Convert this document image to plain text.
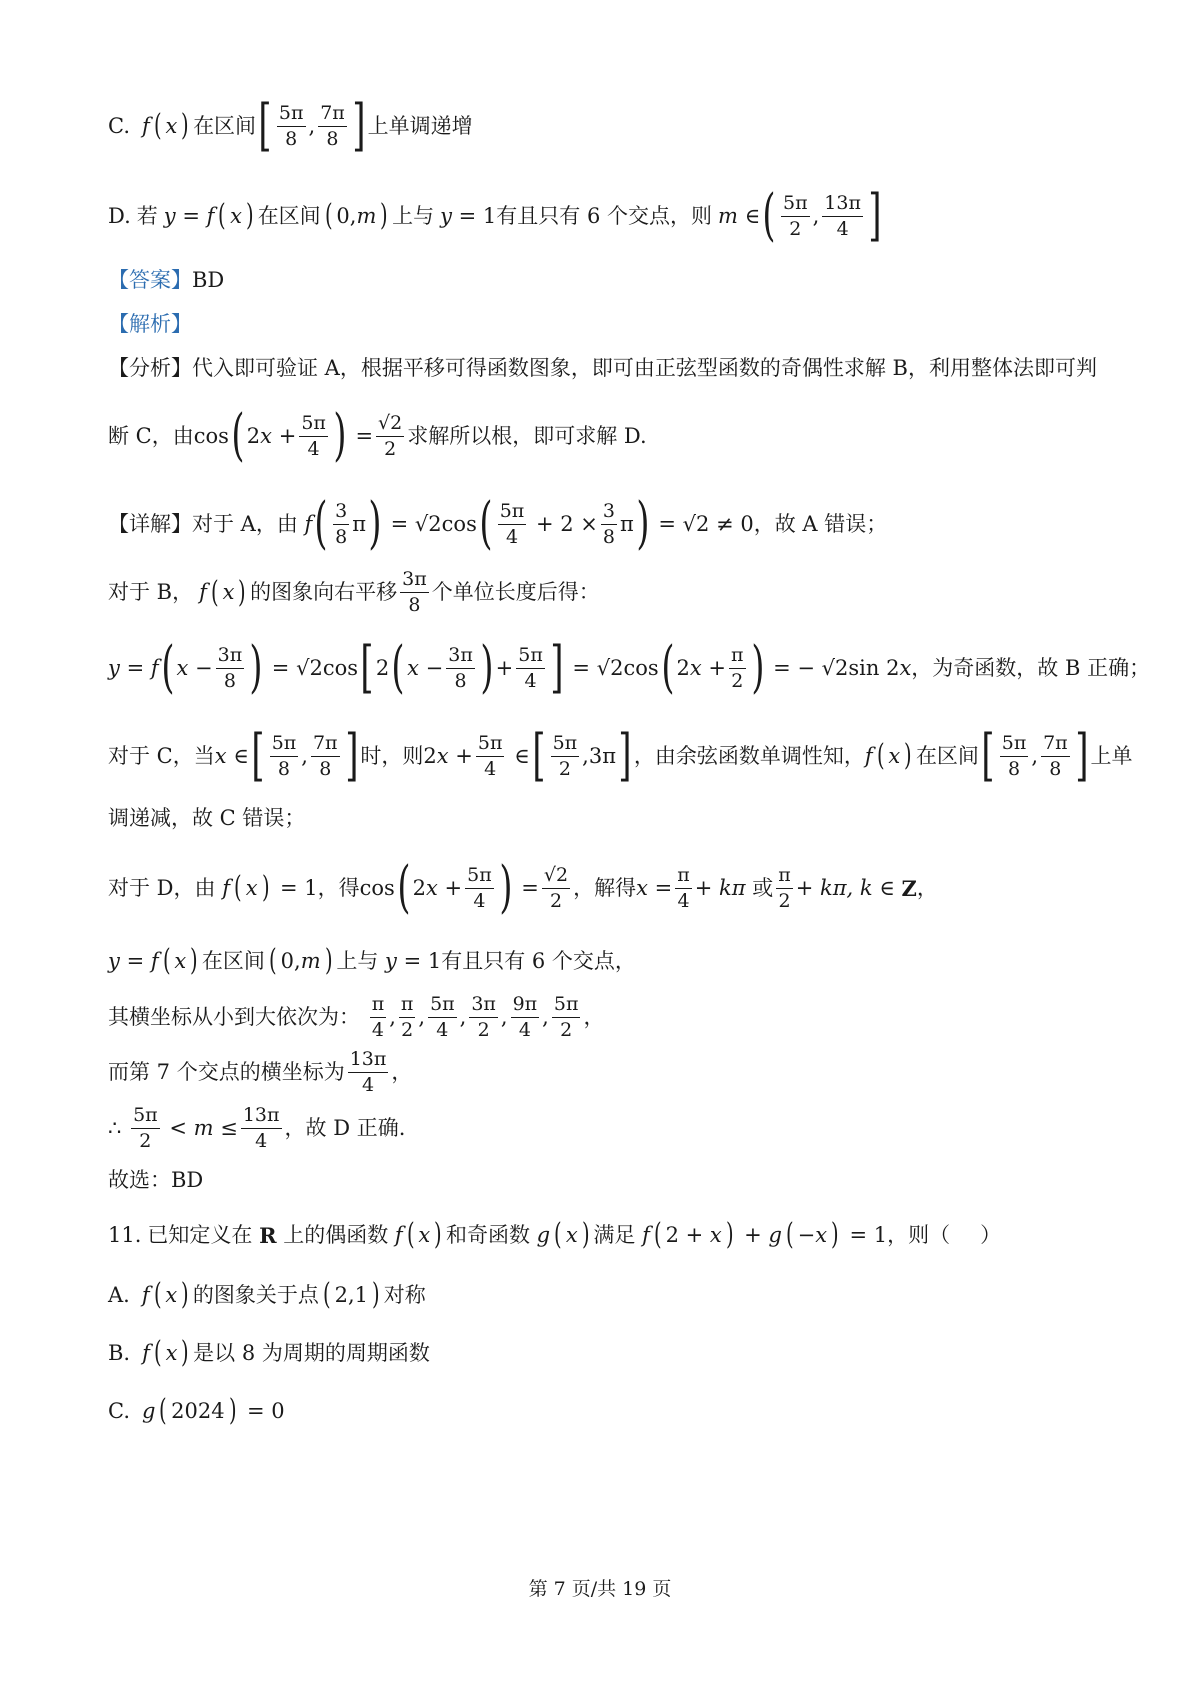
C. f ( x ) 在区间 [ $\frac{5\pi}{8}$ , $\frac{7\pi}{8}$ ] 上单调递增
D. 若 y
=
f ( x ) 在区间 ( 0, m ) 上与 y
= 1 有且只有 6 个交点，则 m
∈ ( $\frac{5\pi}{2}$ , $\frac{13\pi}{4}$ ]
【答案】 BD
【解析】
【分析】 代入即可验证 A，根据平移可得函数图象，即可由正弦型函数的奇偶性求解 B，利用整体法即可判
断 C，由 cos ( 2 x
+ $\frac{5\pi}{4}$ )
= $\frac{√2}{2}$ 求解所以根，即可求解 D.
【详解】 对于 A，由
f ( $\frac{3}{8}$ π )
=
√2 cos ( $\frac{5\pi}{4}$
+ $2 \times \frac{3}{8}$ π )
=
√2 ≠ 0 ，故 A 错误；
对于 B， f ( x ) 的图象向右平移 $\frac{3\pi}{8}$ 个单位长度后得：
y
=
f ( x
− $\frac{3\pi}{8}$ )
=
√2 cos [ 2 ( x
− $\frac{3\pi}{8}$ ) + $\frac{5\pi}{4}$ ]
=
√2 cos ( 2 x
+ $\frac{\pi}{2}$ )
= −
√2 sin 2 x ，为奇函数，故 B 正确；
对于 C，当 x
∈ [ $\frac{5\pi}{8}$ , $\frac{7\pi}{8}$ ] 时，则 2 x
+ $\frac{5\pi}{4}$
∈ [ $\frac{5\pi}{2}$ , 3π ] ，由余弦函数单调性知， f ( x ) 在区间 [ $\frac{5\pi}{8}$ , $\frac{7\pi}{8}$ ] 上单
调递减，故 C 错误；
对于 D，由
f ( x )
= 1 ，得 cos ( 2 x
+ $\frac{5\pi}{4}$ )
= $\frac{√2}{2}$ ，解得 x
= $\frac{\pi}{4} + k\pi$
或 $\frac{\pi}{2} + k\pi$, k ∈
Z ，
y
=
f ( x ) 在区间 ( 0, m ) 上与
y
= 1 有且只有 6 个交点，
其横坐标从小到大依次为：
$\frac{\pi}{4}$ , $\frac{\pi}{2}$ , $\frac{5\pi}{4}$ , $\frac{3\pi}{2}$ , $\frac{9\pi}{4}$ , $\frac{5\pi}{2}$ ，
而第 7 个交点的横坐标为 $\frac{13\pi}{4}$ ，
∴
$\frac{5\pi}{2}$
<
m
≤ $\frac{13\pi}{4}$ ，故 D 正确.
故选：BD
11. 已知定义在
R
上的偶函数
f ( x ) 和奇函数
g ( x ) 满足
f ( 2 +
x )
+
g ( − x )
= 1 ，则（ ）
A. f ( x ) 的图象关于点 ( 2,1 ) 对称
B. f ( x ) 是以 8 为周期的周期函数
C. g ( 2024 )
= 0
第 7 页/共 19 页
